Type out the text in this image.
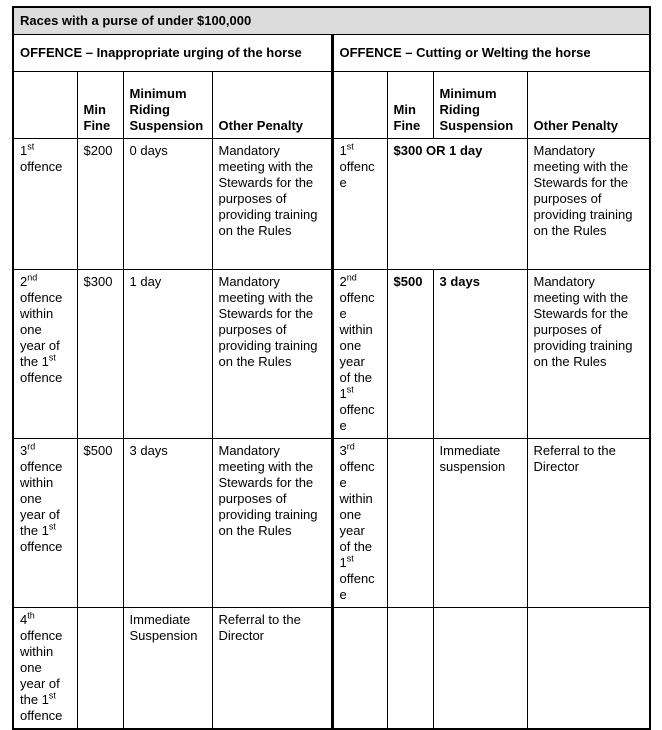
Races with a purse of under $100,000							
OFFENCE – Inappropriate urging of the horse				OFFENCE – Cutting or Welting the horse			
	Min Fine	Minimum Riding Suspension	Other Penalty		Min Fine	Minimum Riding Suspension	Other Penalty
1st offence	$200	0 days	Mandatory meeting with the Stewards for the purposes of providing training on the Rules	1st offence	$300 OR 1 day		Mandatory meeting with the Stewards for the purposes of providing training on the Rules
2nd offence within one year of the 1st offence	$300	1 day	Mandatory meeting with the Stewards for the purposes of providing training on the Rules	2nd offence within one year of the 1st offence	$500	3 days	Mandatory meeting with the Stewards for the purposes of providing training on the Rules
3rd offence within one year of the 1st offence	$500	3 days	Mandatory meeting with the Stewards for the purposes of providing training on the Rules	3rd offence within one year of the 1st offence		Immediate suspension	Referral to the Director
4th offence within one year of the 1st offence		Immediate Suspension	Referral to the Director				
